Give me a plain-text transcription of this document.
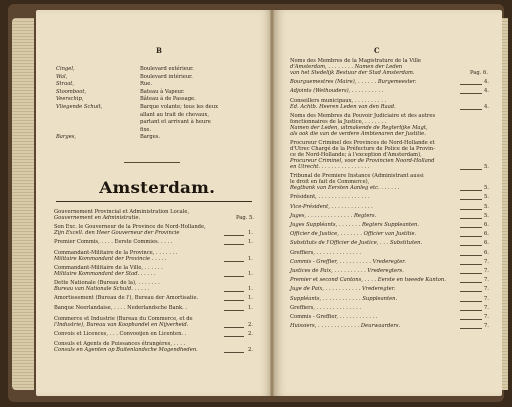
B
Cingel,	Boulevard extérieur.
Wal,	Boulevard intérieur.
Straat,	Rue.
Stoomboot,	Bateau à Vapeur.
Veerschip,	Bâteau à de Passage.
Vliegende Schuit,	Barque volante; tous les deux
allant au trait de chevaux,
partant et arrivant à heure
fixe.
Barges,	Barges.
Amsterdam.
Gouvernement Provincial et Administration Locale,
Gouvernement en Administratie.	Pag. 5.
Son Exc. le Gouverneur de la Province de Nord-Hollande,
Zijn Excell. den Heer Gouverneur der Provincie	1.
Premier Commis, . . . . Eerste Commies. . . . .	1.
Commandant-Militaire de la Province, . . . . . . .
Militaire Kommandant der Provincie . . . . .	1.
Commandant-Militaire de la Ville, . . . . . .
Militaire Kommandant der Stad. . . . . .	1.
Dette Nationale (Bureau de la), . . . . . . .
Bureau van Nationale Schuld. . . . . .	1.
Amortissement (Bureau de l'), Bureau der Amortisatie.	1.
Banque Neerlandaise, . . . . Nederlandsche Bank. .	1.
Commerce et Industrie (Bureau du Commerce, et de
l'Industrie), Bureau van Koophandel en Nijverheid.	2.
Convois et Licences, . . . Convooijen en Licenten. .	2.
Consuls et Agents de Puissances étrangères, . . . .
Consuls en Agenten op Buitenlandsche Mogendheden.	2.
C
Noms des Membres de la Magistrature de la Ville
d'Amsterdam, . . . . . . . . Namen der Leden
van het Stedelijk Bestuur der Stad Amsterdam.	Pag. 6.
Bourguemestres (Maire), . . . . . . Burgemeester.	4.
Adjoints (Wethouders), . . . . . . . . . .	4.
Conseillers municipaux, . . . . . . . . . .
Ed. Achtb. Heeren Leden van den Raad.	4.
Noms des Membres du Pouvoir Judiciaire et des autres
fonctionnaires de la Justice, . . . . . . .
Namen der Leden, uitmakende de Regterlijke Magt,
als ook die van de verdere Ambtenaren der Justitie.
Procureur Criminel des Provinces de Nord-Hollande et
d'Utrec Chargé de la Préfecture de Police de la Provin-
ce de Nord-Hollande; à l'exception d'Amsterdam),
Procureur Criminel, voor de Provincien Noord-Holland
en Utrecht. . . . . . . . . . . . . . . .	5.
Tribunal de Premiere Instance (Administrant aussi
le droit en fait de Commerce),
Regtbank van Eersten Aanleg etc. . . . . . .	5.
Président, . . . . . . . . . . . . . . . .	5.
Vice-Président, . . . . . . . . . . . . .	5.
Juges, . . . . . . . . . . . . . . Regters.	5.
Juges Suppléants, . . . . . . . Regters Suppleanten.	6.
Officier de Justice, . . . . . . . Officier van Justitie.	6.
Substituts de l'Officier de Justice, . . . Substituten.	6.
Greffiers, . . . . . . . . . . . . . .	6.
Commis - Greffier, . . . . . . . . . . Vrederegter.	7.
Justices de Paix, . . . . . . . . . . Vrederegters.	7.
Premier et second Cantons, . . . . Eerste en tweede Kanton.	7.
Juge de Paix, . . . . . . . . . . . Vrederegter.	7.
Suppléants, . . . . . . . . . . . . Suppleanten.	7.
Greffiers, . . . . . . . . . . . . . .	7.
Commis - Greffier, . . . . . . . . . . . .	7.
Huissiers, . . . . . . . . . . . . . Deurwaarders.	7.
